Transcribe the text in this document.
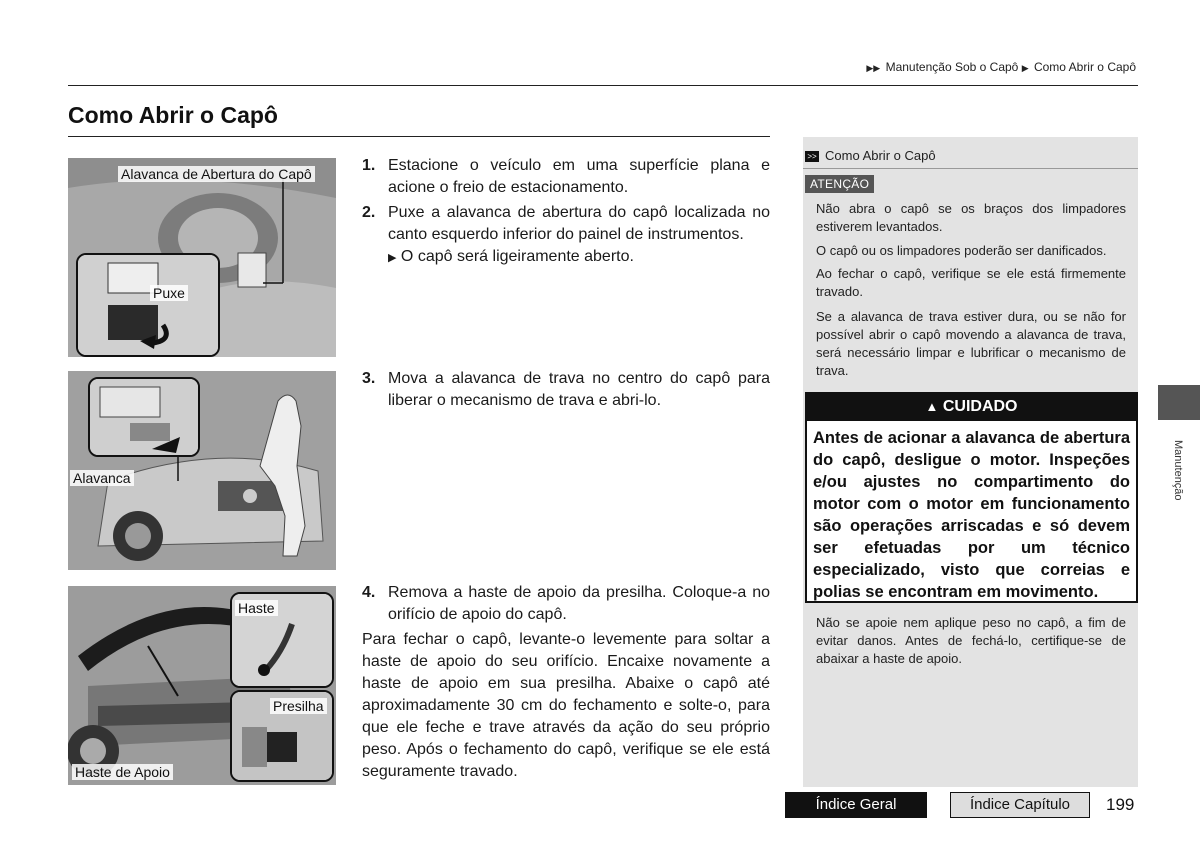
▶▶ Manutenção Sob o Capô ▶ Como Abrir o Capô
Como Abrir o Capô
Alavanca de Abertura do Capô
Puxe
Alavanca
Haste
Presilha
Haste de Apoio
1. Estacione o veículo em uma superfície plana e acione o freio de estacionamento.
2. Puxe a alavanca de abertura do capô localizada no canto esquerdo inferior do painel de instrumentos.
▶ O capô será ligeiramente aberto.
3. Mova a alavanca de trava no centro do capô para liberar o mecanismo de trava e abri-lo.
4. Remova a haste de apoio da presilha. Coloque-a no orifício de apoio do capô.
Para fechar o capô, levante-o levemente para soltar a haste de apoio do seu orifício. Encaixe novamente a haste de apoio em sua presilha. Abaixe o capô até aproximadamente 30 cm do fechamento e solte-o, para que ele feche e trave através da ação do seu próprio peso. Após o fechamento do capô, verifique se ele está seguramente travado.
>> Como Abrir o Capô
ATENÇÃO
Não abra o capô se os braços dos limpadores estiverem levantados.
O capô ou os limpadores poderão ser danificados.
Ao fechar o capô, verifique se ele está firmemente travado.
Se a alavanca de trava estiver dura, ou se não for possível abrir o capô movendo a alavanca de trava, será necessário limpar e lubrificar o mecanismo de trava.
▲ CUIDADO
Antes de acionar a alavanca de abertura do capô, desligue o motor. Inspeções e/ou ajustes no compartimento do motor com o motor em funcionamento são operações arriscadas e só devem ser efetuadas por um técnico especializado, visto que correias e polias se encontram em movimento.
Não se apoie nem aplique peso no capô, a fim de evitar danos. Antes de fechá-lo, certifique-se de abaixar a haste de apoio.
Manutenção
Índice Geral	Índice Capítulo	199
